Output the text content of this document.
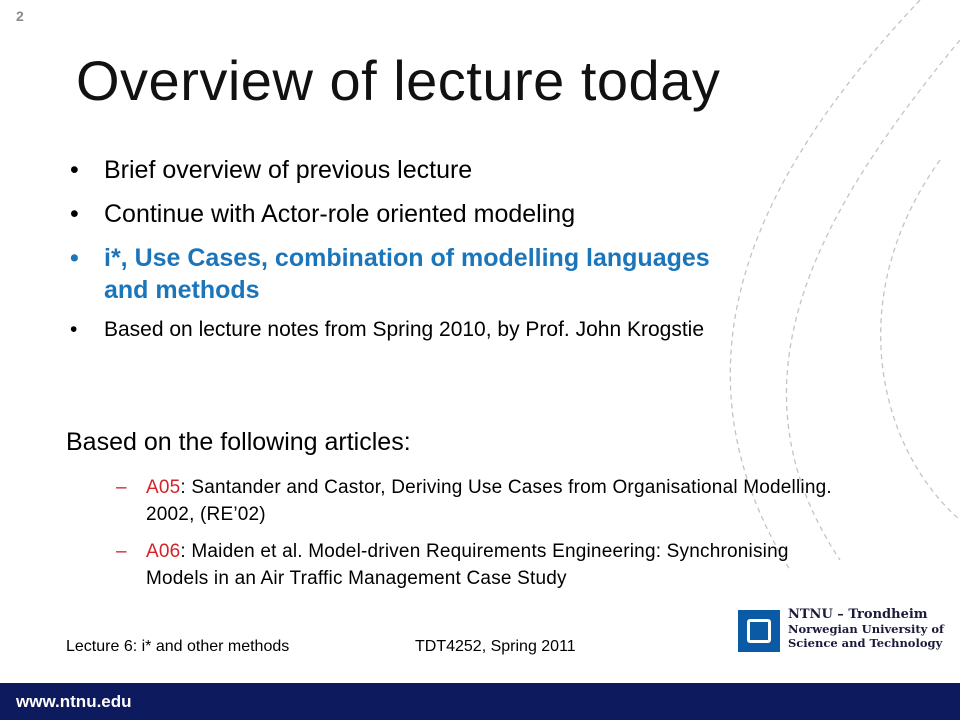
2
Overview of lecture today
• Brief overview of previous lecture
• Continue with Actor-role oriented modeling
• i*, Use Cases, combination of modelling languages and methods
• Based on lecture notes from Spring 2010, by Prof. John Krogstie

Based on the following articles:

– A05: Santander and Castor, Deriving Use Cases from Organisational Modelling. 2002, (RE’02)
– A06: Maiden et al. Model-driven Requirements Engineering: Synchronising Models in an Air Traffic Management Case Study
Lecture 6: i* and other methods	TDT4252, Spring 2011
NTNU – Trondheim
Norwegian University of
Science and Technology
www.ntnu.edu
